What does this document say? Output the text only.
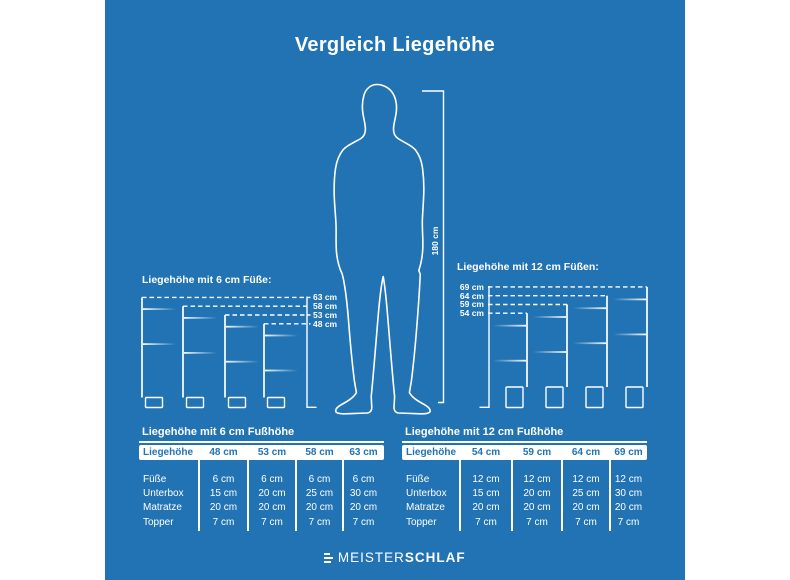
Vergleich Liegehöhe
180 cm
Liegehöhe mit 6 cm Füße:
Liegehöhe mit 12 cm Füßen:
63 cm
58 cm
53 cm
48 cm
69 cm
64 cm
59 cm
54 cm
Liegehöhe mit 6 cm Fußhöhe
Liegehöhe	48 cm	53 cm	58 cm	63 cm
Füße	6 cm	6 cm	6 cm	6 cm
Unterbox	15 cm	20 cm	25 cm	30 cm
Matratze	20 cm	20 cm	20 cm	20 cm
Topper	7 cm	7 cm	7 cm	7 cm
Liegehöhe mit 12 cm Fußhöhe
Liegehöhe	54 cm	59 cm	64 cm	69 cm
Füße	12 cm	12 cm	12 cm	12 cm
Unterbox	15 cm	20 cm	25 cm	30 cm
Matratze	20 cm	20 cm	20 cm	20 cm
Topper	7 cm	7 cm	7 cm	7 cm
MEISTERSCHLAF
